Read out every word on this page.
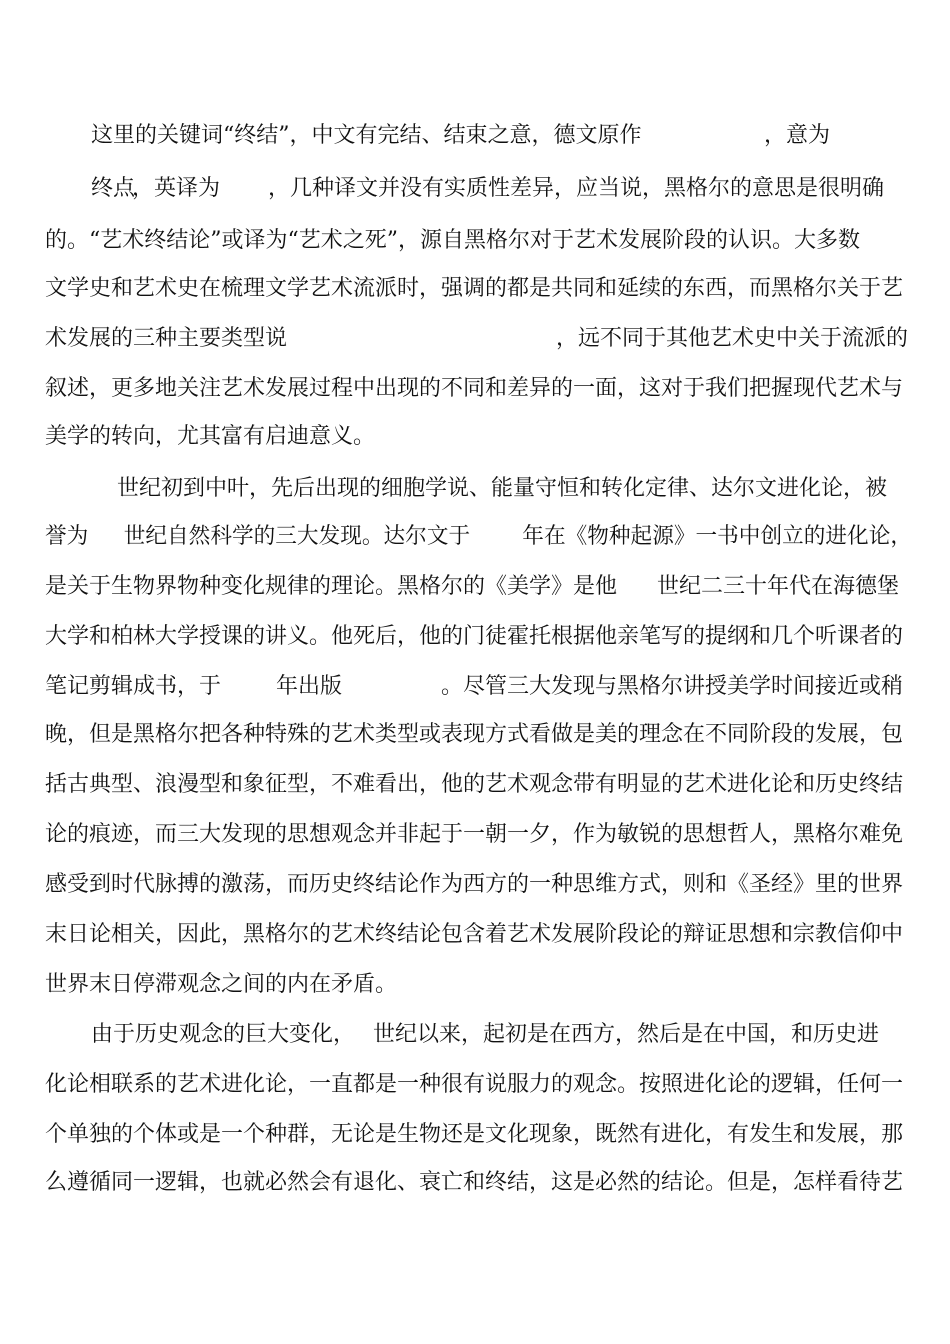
这里的关键词“终结”，中文有完结、结束之意，德文原作	，意为
终点
，英译为 ，几种译文并没有实质性差异，应当说，黑格尔的意思是很明确
的。“艺术终结论”或译为“艺术之死”，源自黑格尔对于艺术发展阶段的认识。大多数
文学史和艺术史在梳理文学艺术流派时，强调的都是共同和延续的东西，而黑格尔关于艺
术发展的三种主要类型说	，远不同于其他艺术史中关于流派的
叙述，更多地关注艺术发展过程中出现的不同和差异的一面，这对于我们把握现代艺术与
美学的转向，尤其富有启迪意义。
世纪初到中叶，先后出现的细胞学说、能量守恒和转化定律、达尔文进化论，被
誉为 世纪自然科学的三大发现。达尔文于 年在《物种起源》一书中创立的进化论，
是关于生物界物种变化规律的理论。黑格尔的《美学》是他 世纪二三十年代在海德堡
大学和柏林大学授课的讲义。他死后，他的门徒霍托根据他亲笔写的提纲和几个听课者的
笔记剪辑成书，于 年出版	。尽管三大发现与黑格尔讲授美学时间接近或稍
晚，但是黑格尔把各种特殊的艺术类型或表现方式看做是美的理念在不同阶段的发展，包
括古典型、浪漫型和象征型，不难看出，他的艺术观念带有明显的艺术进化论和历史终结
论的痕迹，而三大发现的思想观念并非起于一朝一夕，作为敏锐的思想哲人，黑格尔难免
感受到时代脉搏的激荡，而历史终结论作为西方的一种思维方式，则和《圣经》里的世界
末日论相关，因此，黑格尔的艺术终结论包含着艺术发展阶段论的辩证思想和宗教信仰中
世界末日停滞观念之间的内在矛盾。
由于历史观念的巨大变化， 世纪以来，起初是在西方，然后是在中国，和历史进
化论相联系的艺术进化论，一直都是一种很有说服力的观念。按照进化论的逻辑，任何一
个单独的个体或是一个种群，无论是生物还是文化现象，既然有进化，有发生和发展，那
么遵循同一逻辑，也就必然会有退化、衰亡和终结，这是必然的结论。但是，怎样看待艺
